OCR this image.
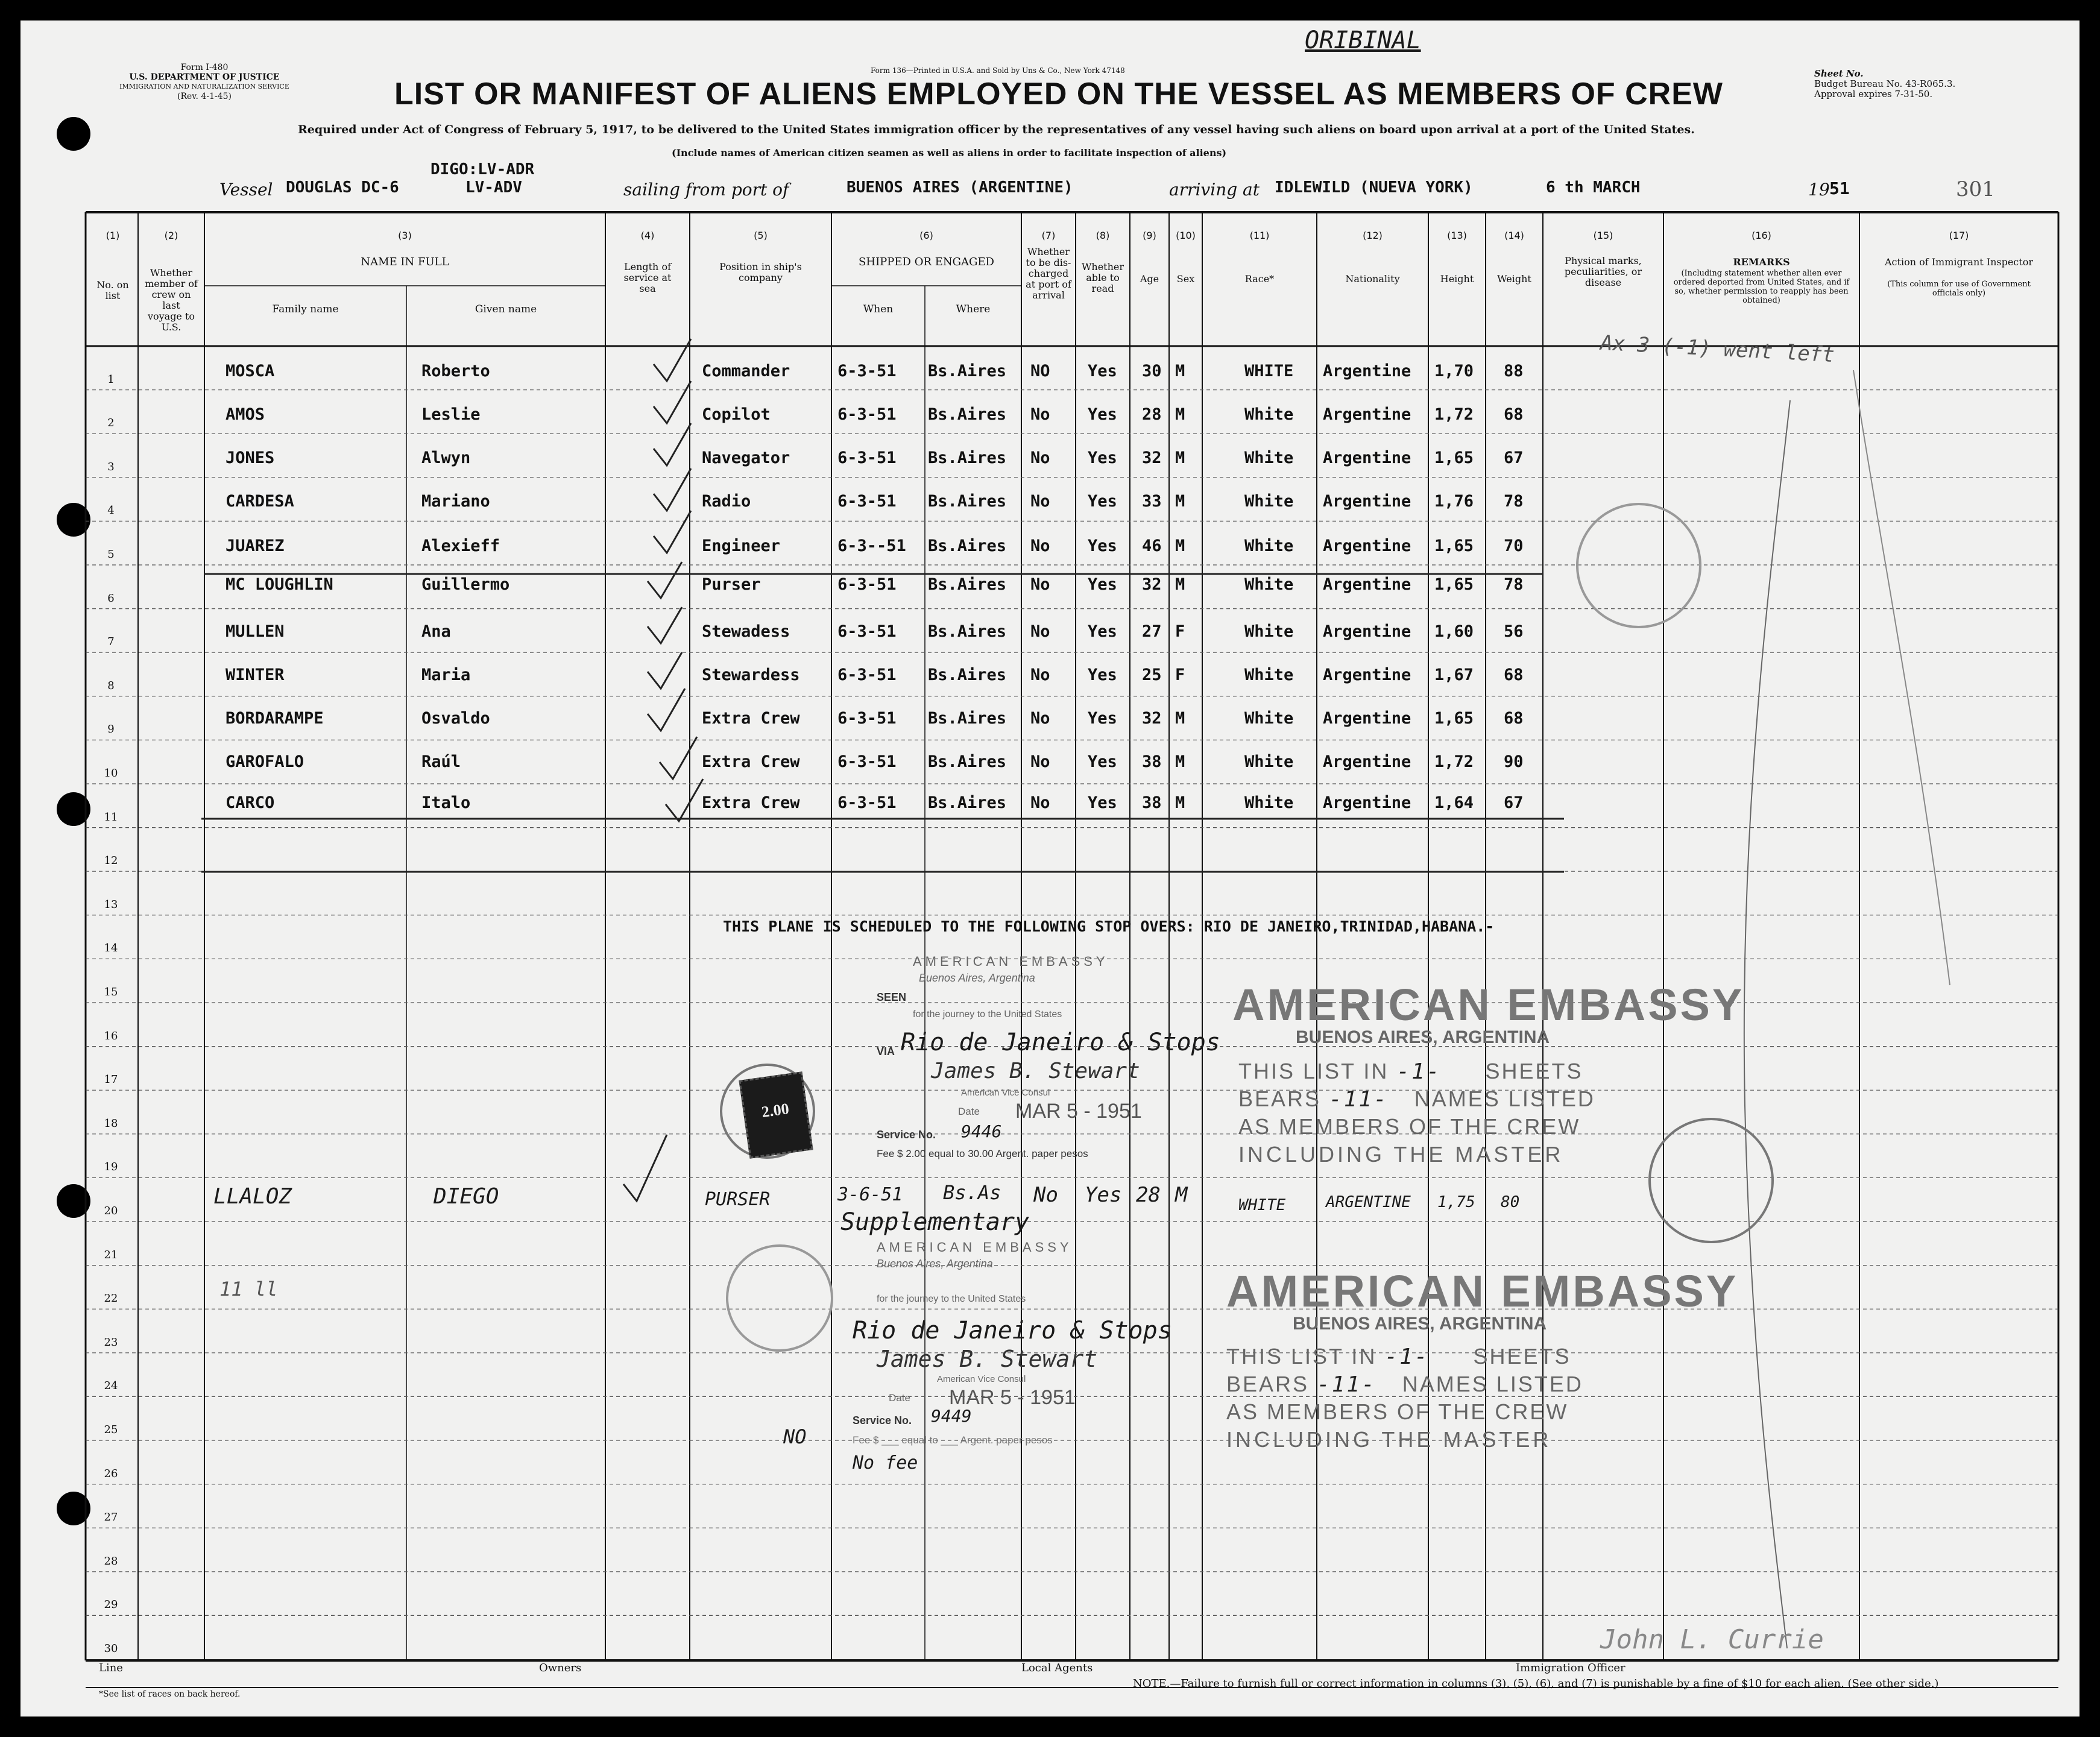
Form I-480
U.S. DEPARTMENT OF JUSTICE
IMMIGRATION AND NATURALIZATION SERVICE
(Rev. 4-1-45)
Form 136—Printed in U.S.A. and Sold by Uns & Co., New York 47148
ORIBINAL
LIST OR MANIFEST OF ALIENS EMPLOYED ON THE VESSEL AS MEMBERS OF CREW
Sheet No.
Budget Bureau No. 43-R065.3.
Approval expires 7-31-50.
Required under Act of Congress of February 5, 1917, to be delivered to the United States immigration officer by the representatives of any vessel having such aliens on board upon arrival at a port of the United States.
(Include names of American citizen seamen as well as aliens in order to facilitate inspection of aliens)
Vessel DOUGLAS DC-6
DIGO:LV-ADR
LV-ADV	sailing from port of	BUENOS AIRES (ARGENTINE)	arriving at IDLEWILD (NUEVA YORK)	6 th MARCH	19 51	301
(1)	(2)	(3)	(4)	(5)	(6)	(7)	(8)	(9)	(10)	(11)	(12)	(13)	(14)	(15)	(16)	(17)
No. on list
Whether member of crew on last voyage to U.S.
NAME IN FULL
Family name	Given name
Length of service at sea
Position in ship's company
SHIPPED OR ENGAGED
When	Where
Whether to be dis-charged at port of arrival
Whether able to read
Age	Sex	Race*	Nationality	Height	Weight
Physical marks, peculiarities, or disease
REMARKS
(Including statement whether alien ever ordered deported from United States, and if so, whether permission to reapply has been obtained)
Action of Immigrant Inspector
(This column for use of Government officials only)
1
2
3
4
5
6
7
8
9
10
11
12
13
14
15
16
17
18
19
20
21
22
23
24
25
26
27
28
29
30
MOSCA	Roberto	Commander	6-3-51 Bs.Aires NO Yes 30 M	WHITE Argentine 1,70 88
AMOS	Leslie	Copilot	6-3-51 Bs.Aires No Yes 28 M	White Argentine 1,72 68
JONES	Alwyn	Navegator	6-3-51 Bs.Aires No Yes 32 M	White Argentine 1,65 67
CARDESA	Mariano	Radio	6-3-51 Bs.Aires No Yes 33 M	White Argentine 1,76 78
JUAREZ	Alexieff	Engineer	6-3--51 Bs.Aires No Yes 46 M	White Argentine 1,65 70
MC LOUGHLIN	Guillermo	Purser	6-3-51 Bs.Aires No Yes 32 M	White Argentine 1,65 78
MULLEN	Ana	Stewadess	6-3-51 Bs.Aires No Yes 27 F	White Argentine 1,60 56
WINTER	Maria	Stewardess 6-3-51 Bs.Aires No Yes 25 F	White Argentine 1,67 68
BORDARAMPE	Osvaldo	Extra Crew 6-3-51 Bs.Aires No Yes 32 M	White Argentine 1,65 68
GAROFALO	Raúl	Extra Crew 6-3-51 Bs.Aires No Yes 38 M	White Argentine 1,72 90
CARCO	Italo	Extra Crew 6-3-51 Bs.Aires No Yes 38 M	White Argentine 1,64 67
THIS PLANE IS SCHEDULED TO THE FOLLOWING STOP OVERS: RIO DE JANEIRO,TRINIDAD,HABANA.-
Ax 3 (-1) went left
LLALOZ	DIEGO	PURSER	3-6-51 Bs.As No Yes 28 M	WHITE	ARGENTINE 1,75 80
11 ll
NO
AMERICAN EMBASSY
Buenos Aires, Argentina
SEEN
for the journey to the United States
VIA Rio de Janeiro & Stops
James B. Stewart
American Vice Consul
Date MAR 5 - 1951
Service No. 9446
Fee $ 2.00 equal to 30.00 Argent. paper pesos
2.00
AMERICAN EMBASSY
BUENOS AIRES, ARGENTINA
THIS LIST IN -1- SHEETS
BEARS -11- NAMES LISTED
AS MEMBERS OF THE CREW
INCLUDING THE MASTER
Supplementary
AMERICAN EMBASSY
Buenos Aires, Argentina
for the journey to the United States
Rio de Janeiro & Stops
James B. Stewart
American Vice Consul
Date MAR 5 - 1951
Service No. 9449
Fee $ ___ equal to ___ Argent. paper pesos
No fee
AMERICAN EMBASSY
BUENOS AIRES, ARGENTINA
THIS LIST IN -1- SHEETS
BEARS -11- NAMES LISTED
AS MEMBERS OF THE CREW
INCLUDING THE MASTER
John L. Currie
Line	Owners	Local Agents	Immigration Officer
*See list of races on back hereof.
NOTE.—Failure to furnish full or correct information in columns (3), (5), (6), and (7) is punishable by a fine of $10 for each alien. (See other side.)
